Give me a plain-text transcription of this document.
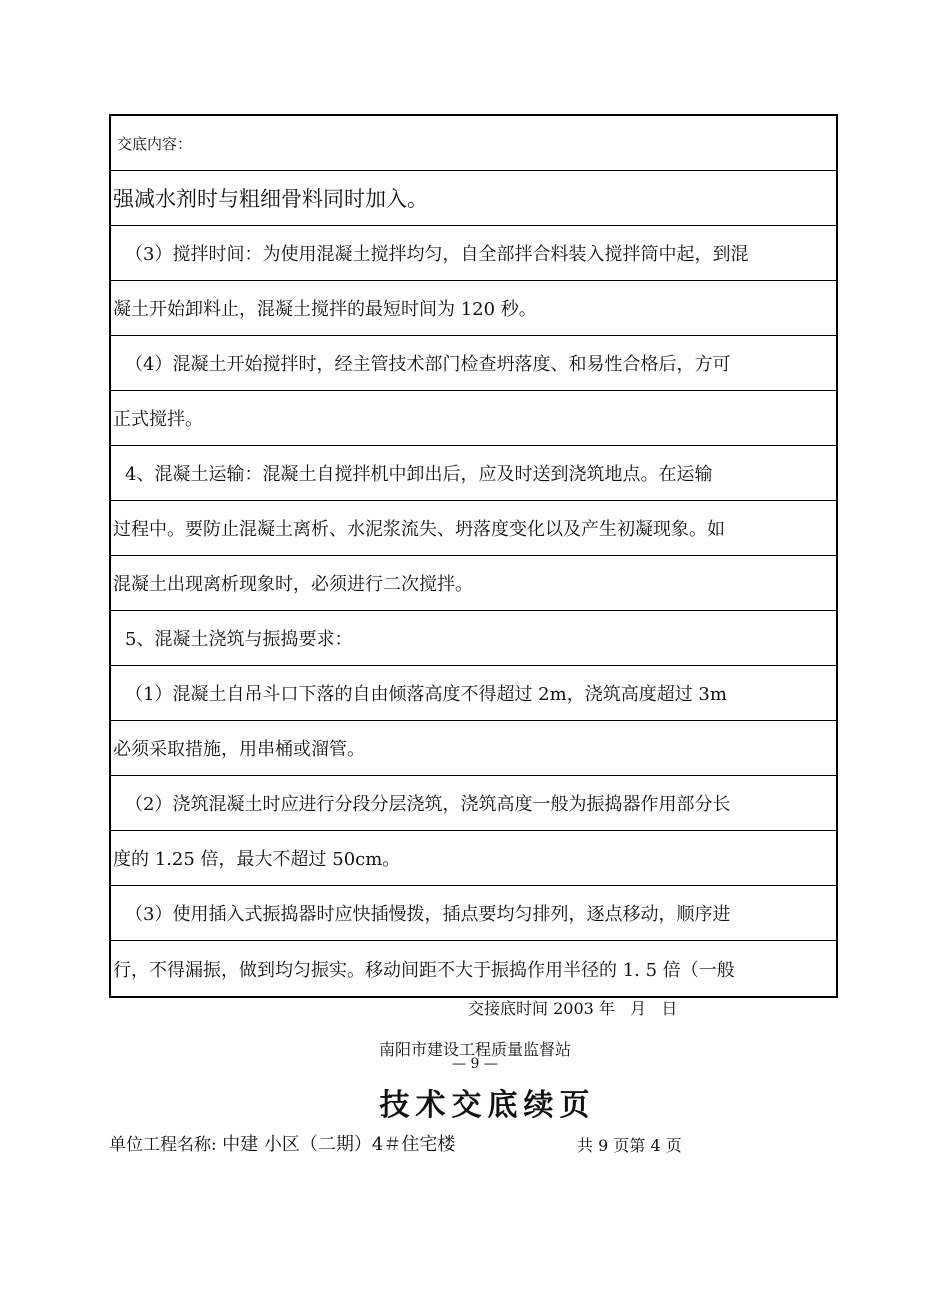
交底内容：
强减水剂时与粗细骨料同时加入。
（3）搅拌时间：为使用混凝土搅拌均匀，自全部拌合料装入搅拌筒中起，到混
凝土开始卸料止，混凝土搅拌的最短时间为 120 秒。
（4）混凝土开始搅拌时，经主管技术部门检查坍落度、和易性合格后，方可
正式搅拌。
4、混凝土运输：混凝土自搅拌机中卸出后，应及时送到浇筑地点。在运输
过程中。要防止混凝土离析、水泥浆流失、坍落度变化以及产生初凝现象。如
混凝土出现离析现象时，必须进行二次搅拌。
5、混凝土浇筑与振捣要求：
（1）混凝土自吊斗口下落的自由倾落高度不得超过 2m，浇筑高度超过 3m
必须采取措施，用串桶或溜管。
（2）浇筑混凝土时应进行分段分层浇筑，浇筑高度一般为振捣器作用部分长
度的 1.25 倍，最大不超过 50cm。
（3）使用插入式振捣器时应快插慢拨，插点要均匀排列，逐点移动，顺序进
行，不得漏振，做到均匀振实。移动间距不大于振捣作用半径的 1. 5 倍（一般
交接底时间 2003 年   月   日
南阳市建设工程质量监督站
— 9 —
技术交底续页
单位工程名称: 中建 小区（二期）4＃住宅楼	共 9 页第 4 页
